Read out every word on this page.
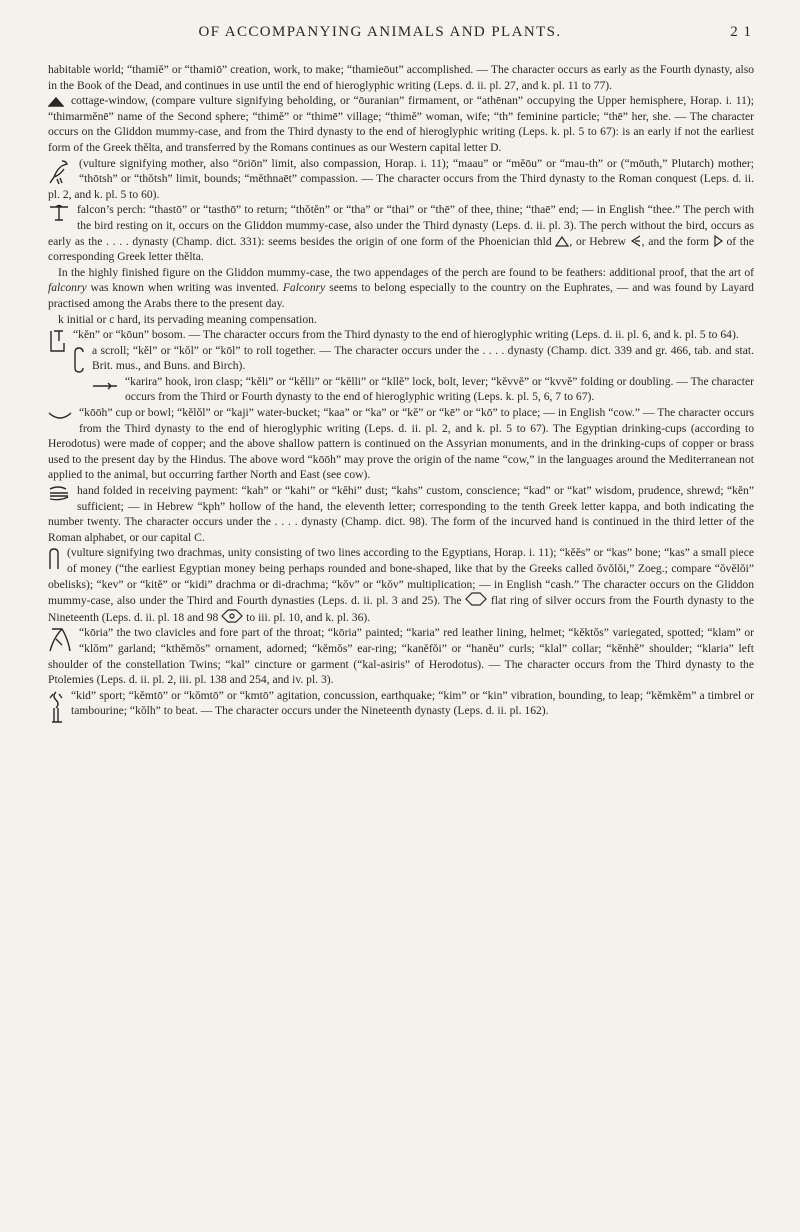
OF ACCOMPANYING ANIMALS AND PLANTS.	2 1

habitable world; “thamiĕ” or “thamiō” creation, work, to make; “thamieōut” accomplished. — The character occurs as early as the Fourth dynasty, also in the Book of the Dead, and continues in use until the end of hieroglyphic writing (Leps. d. ii. pl. 27, and k. pl. 11 to 77).

cottage-window, (compare vulture signifying beholding, or “ōuranian” firmament, or “athēnan” occupying the Upper hemisphere, Horap. i. 11); “thimarmĕnē” name of the Second sphere; “thimĕ” or “thimē” village; “thimĕ” woman, wife; “th” feminine particle; “thē” her, she. — The character occurs on the Gliddon mummy-case, and from the Third dynasty to the end of hieroglyphic writing (Leps. k. pl. 5 to 67): is an early if not the earliest form of the Greek thĕlta, and transferred by the Romans continues as our Western capital letter D.

(vulture signifying mother, also “ōriōn” limit, also compassion, Horap. i. 11); “maau” or “mĕōu” or “mau-th” or (“mōuth,” Plutarch) mother; “thōtsh” or “thŏtsh” limit, bounds; “mĕthnaēt” compassion. — The character occurs from the Third dynasty to the Roman conquest (Leps. d. ii. pl. 2, and k. pl. 5 to 60).

falcon’s perch: “thastō” or “tasthō” to return; “thŏtĕn” or “tha” or “thai” or “thē” of thee, thine; “thaē” end; — in English “thee.” The perch with the bird resting on it, occurs on the Gliddon mummy-case, also under the Third dynasty (Leps. d. ii. pl. 3). The perch without the bird, occurs as early as the . . . . dynasty (Champ. dict. 331): seems besides the origin of one form of the Phoenician thld , or Hebrew , and the form of the corresponding Greek letter thĕlta.

In the highly finished figure on the Gliddon mummy-case, the two appendages of the perch are found to be feathers: additional proof, that the art of falconry was known when writing was invented. Falconry seems to belong especially to the country on the Euphrates, — and was found by Layard practised among the Arabs there to the present day.

k initial or c hard, its pervading meaning compensation.

“kĕn” or “kōun” bosom. — The character occurs from the Third dynasty to the end of hieroglyphic writing (Leps. d. ii. pl. 6, and k. pl. 5 to 64).

a scroll; “kĕl” or “kŏl” or “kōl” to roll together. — The character occurs under the . . . . dynasty (Champ. dict. 339 and gr. 466, tab. and stat. Brit. mus., and Buns. and Birch).

“karira” hook, iron clasp; “kĕli” or “kĕlli” or “kĕlli” or “kllĕ” lock, bolt, lever; “kĕvvĕ” or “kvvĕ” folding or doubling. — The character occurs from the Third or Fourth dynasty to the end of hieroglyphic writing (Leps. k. pl. 5, 6, 7 to 67).

“kōōh” cup or bowl; “kĕlŏl” or “kaji” water-bucket; “kaa” or “ka” or “kĕ” or “kē” or “kō” to place; — in English “cow.” — The character occurs from the Third dynasty to the end of hieroglyphic writing (Leps. d. ii. pl. 2, and k. pl. 5 to 67). The Egyptian drinking-cups (according to Herodotus) were made of copper; and the above shallow pattern is continued on the Assyrian monuments, and in the drinking-cups of copper or brass used to the present day by the Hindus. The above word “kōōh” may prove the origin of the name “cow,” in the languages around the Mediterranean not applied to the animal, but occurring farther North and East (see cow).

hand folded in receiving payment: “kah” or “kahi” or “kĕhi” dust; “kahs” custom, conscience; “kad” or “kat” wisdom, prudence, shrewd; “kĕn” sufficient; — in Hebrew “kph” hollow of the hand, the eleventh letter; corresponding to the tenth Greek letter kappa, and both indicating the number twenty. The character occurs under the . . . . dynasty (Champ. dict. 98). The form of the incurved hand is continued in the third letter of the Roman alphabet, or our capital C.

(vulture signifying two drachmas, unity consisting of two lines according to the Egyptians, Horap. i. 11); “kĕĕs” or “kas” bone; “kas” a small piece of money (“the earliest Egyptian money being perhaps rounded and bone-shaped, like that by the Greeks called ŏvŏlŏi,” Zoeg.; compare “ŏvĕlŏi” obelisks); “kev” or “kitĕ” or “kidi” drachma or di-drachma; “kŏv” or “kŏv” multiplication; — in English “cash.” The character occurs on the Gliddon mummy-case, also under the Third and Fourth dynasties (Leps. d. ii. pl. 3 and 25). The	flat ring of silver occurs from the Fourth dynasty to the Nineteenth (Leps. d. ii. pl. 18 and 98 to iii. pl. 10, and k. pl. 36).

“kōria” the two clavicles and fore part of the throat; “kōria” painted; “karia” red leather lining, helmet; “kĕktŏs” variegated, spotted; “klam” or “klŏm” garland; “kthĕmŏs” ornament, adorned; “kĕmŏs” ear-ring; “kanĕfŏi” or “hanĕu” curls; “klal” collar; “kĕnhĕ” shoulder; “klaria” left shoulder of the constellation Twins; “kal” cincture or garment (“kal-asiris” of Herodotus). — The character occurs from the Third dynasty to the Ptolemies (Leps. d. ii. pl. 2, iii. pl. 138 and 254, and iv. pl. 3).

“kid” sport; “kĕmtō” or “kŏmtō” or “kmtō” agitation, concussion, earthquake; “kim” or “kin” vibration, bounding, to leap; “kĕmkĕm” a timbrel or tambourine; “kŏlh” to beat. — The character occurs under the Nineteenth dynasty (Leps. d. ii. pl. 162).
